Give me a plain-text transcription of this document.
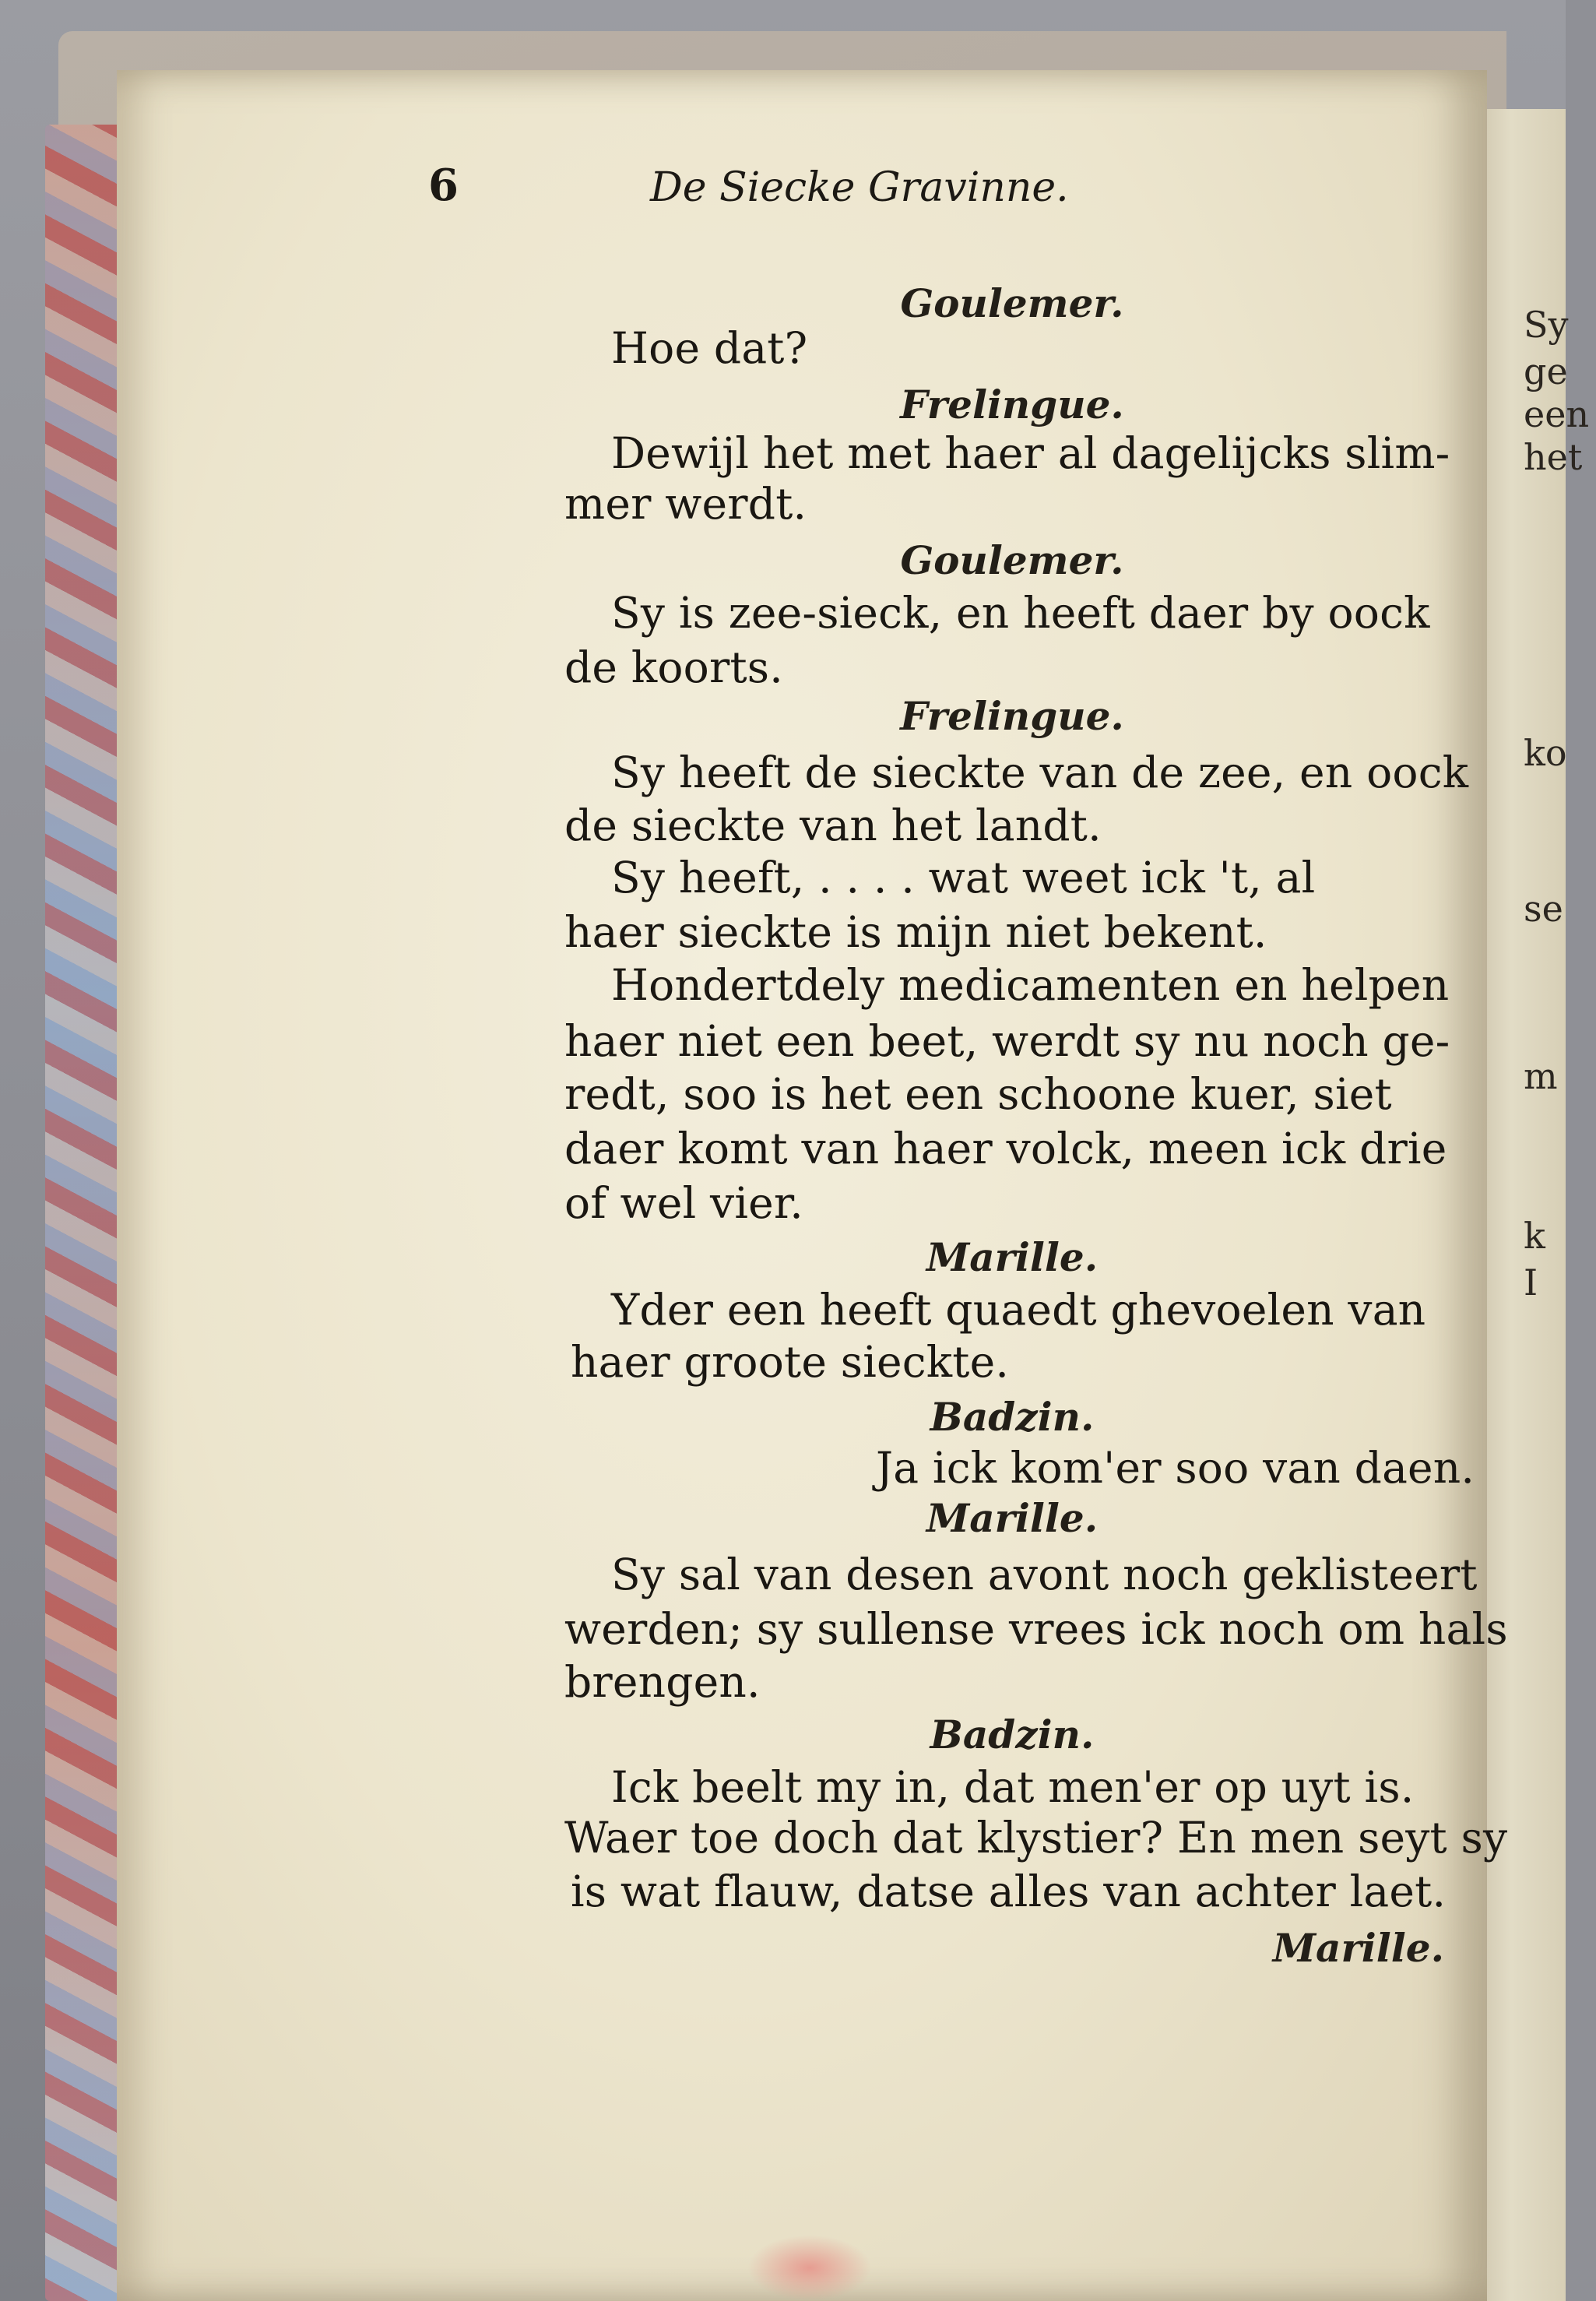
Sy
ge
een
het
ko
se
m
k
I
6	De Siecke Gravinne.
Goulemer.
Hoe dat?
Frelingue.
Dewijl het met haer al dagelijcks slim-
mer werdt.
Goulemer.
Sy is zee-sieck, en heeft daer by oock
de koorts.
Frelingue.
Sy heeft de sieckte van de zee, en oock
de sieckte van het landt.
Sy heeft, . . . . wat weet ick 't, al
haer sieckte is mijn niet bekent.
Hondertdely medicamenten en helpen
haer niet een beet, werdt sy nu noch ge-
redt, soo is het een schoone kuer, siet
daer komt van haer volck, meen ick drie
of wel vier.
Marille.
Yder een heeft quaedt ghevoelen van
haer groote sieckte.
Badzin.
Ja ick kom'er soo van daen.
Marille.
Sy sal van desen avont noch geklisteert
werden; sy sullense vrees ick noch om hals
brengen.
Badzin.
Ick beelt my in, dat men'er op uyt is.
Waer toe doch dat klystier? En men seyt sy
is wat flauw, datse alles van achter laet.
Marille.
